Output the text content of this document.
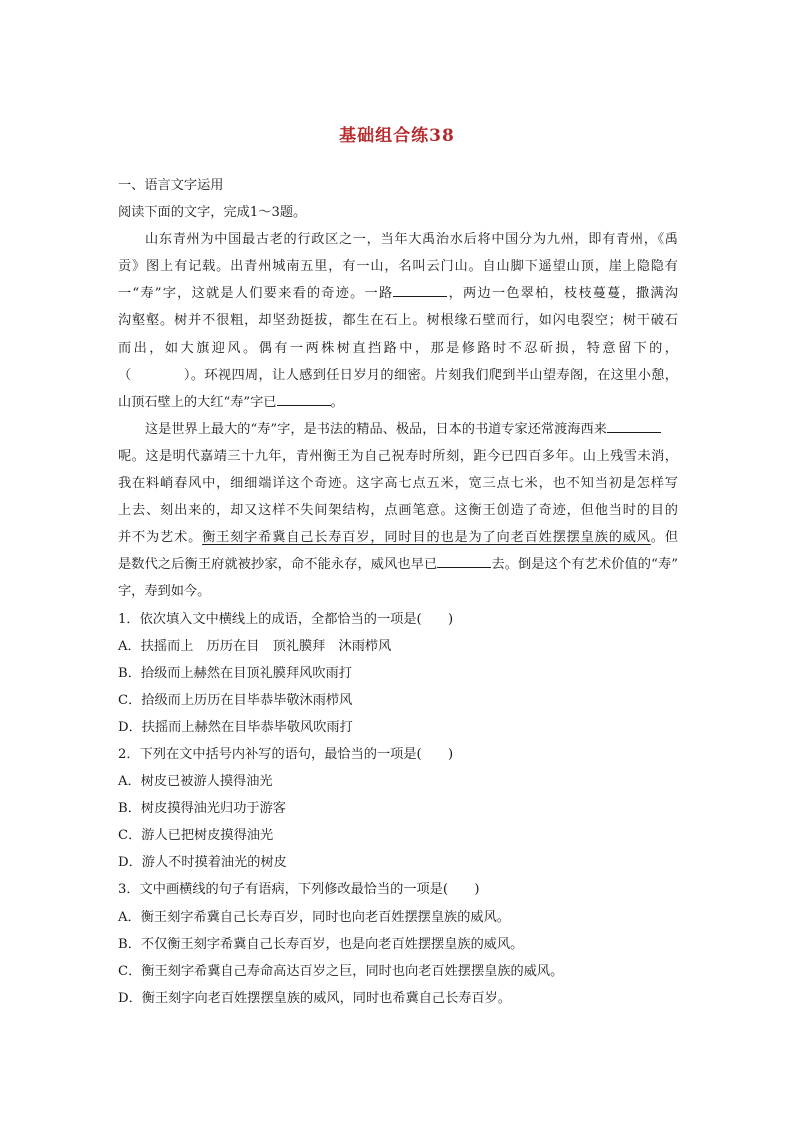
基础组合练38
一、语言文字运用
阅读下面的文字，完成1～3题。
山东青州为中国最古老的行政区之一，当年大禹治水后将中国分为九州，即有青州，《禹
贡》图上有记载。出青州城南五里，有一山，名叫云门山。自山脚下遥望山顶，崖上隐隐有
一“寿”字，这就是人们要来看的奇迹。一路	，两边一色翠柏，枝枝蔓蔓，撒满沟
沟壑壑。树并不很粗，却坚劲挺拔，都生在石上。树根缘石壁而行，如闪电裂空；树干破石
而出，如大旗迎风。偶有一两株树直挡路中，那是修路时不忍斫损，特意留下的，
（	）。环视四周，让人感到任日岁月的细密。片刻我们爬到半山望寿阁，在这里小憩，
山顶石壁上的大红“寿”字已	。
这是世界上最大的“寿”字，是书法的精品、极品，日本的书道专家还常渡海西来
呢。这是明代嘉靖三十九年，青州衡王为自己祝寿时所刻，距今已四百多年。山上残雪未消，
我在料峭春风中，细细端详这个奇迹。这字高七点五米，宽三点七米，也不知当初是怎样写
上去、刻出来的，却又这样不失间架结构，点画笔意。这衡王创造了奇迹，但他当时的目的
并不为艺术。衡王刻字希冀自己长寿百岁，同时目的也是为了向老百姓摆摆皇族的威风。但
是数代之后衡王府就被抄家，命不能永存，威风也早已	去。倒是这个有艺术价值的“寿”
字，寿到如今。
1．依次填入文中横线上的成语，全都恰当的一项是(　　)
A．扶摇而上　历历在目　顶礼膜拜　沐雨栉风
B．拾级而上赫然在目顶礼膜拜风吹雨打
C．拾级而上历历在目毕恭毕敬沐雨栉风
D．扶摇而上赫然在目毕恭毕敬风吹雨打
2．下列在文中括号内补写的语句，最恰当的一项是(　　)
A．树皮已被游人摸得油光
B．树皮摸得油光归功于游客
C．游人已把树皮摸得油光
D．游人不时摸着油光的树皮
3．文中画横线的句子有语病，下列修改最恰当的一项是(　　)
A．衡王刻字希冀自己长寿百岁，同时也向老百姓摆摆皇族的威风。
B．不仅衡王刻字希冀自己长寿百岁，也是向老百姓摆摆皇族的威风。
C．衡王刻字希冀自己寿命高达百岁之巨，同时也向老百姓摆摆皇族的威风。
D．衡王刻字向老百姓摆摆皇族的威风，同时也希冀自己长寿百岁。
